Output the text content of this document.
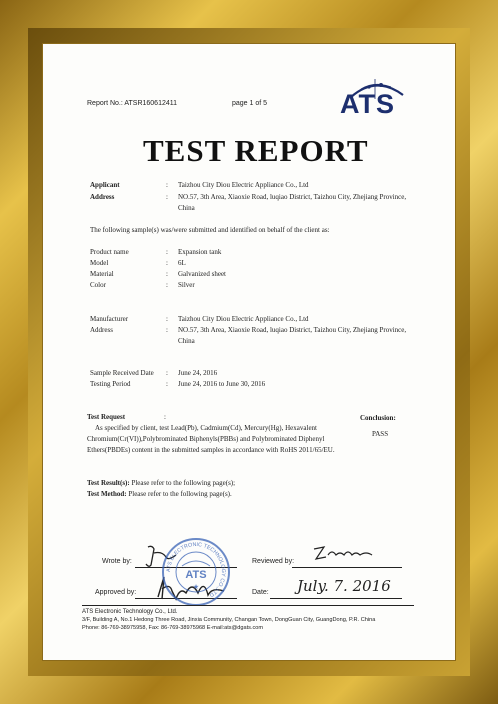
Report No.: ATSR160612411	page 1 of 5	ATS
TEST REPORT
Applicant	: Taizhou City Diou Electric Appliance Co., Ltd
Address	: NO.57, 3th Area, Xiaoxie Road, luqiao District, Taizhou City, Zhejiang Province,
China
The following sample(s) was/were submitted and identified on behalf of the client as:
Product name	: Expansion tank
Model	: 6L
Material	: Galvanized sheet
Color	: Silver
Manufacturer	: Taizhou City Diou Electric Appliance Co., Ltd
Address	: NO.57, 3th Area, Xiaoxie Road, luqiao District, Taizhou City, Zhejiang Province,
China
Sample Received Date : June 24, 2016
Testing Period	: June 24, 2016 to June 30, 2016
Test Request	:	Conclusion:
PASS
As specified by client, test Lead(Pb), Cadmium(Cd), Mercury(Hg), Hexavalent
Chromium(Cr(VI)),Polybrominated Biphenyls(PBBs) and Polybrominated Diphenyl
Ethers(PBDEs) content in the submitted samples in accordance with RoHS 2011/65/EU.
Test Result(s): Please refer to the following page(s);
Test Method: Please refer to the following page(s).
Wrote by:	Reviewed by:
Approved by:	Date: July. 7. 2016
ATS ELECTRONIC TECHNOLOGY CO.,LTD
ATS
★
ATS Electronic Technology Co., Ltd.
3/F, Building A, No.1 Hedong Three Road, Jinxia Community, Changan Town, DongGuan City, GuangDong, P.R. China
Phone: 86-769-38975958, Fax: 86-769-38975968 E-mail:ats@dgats.com
